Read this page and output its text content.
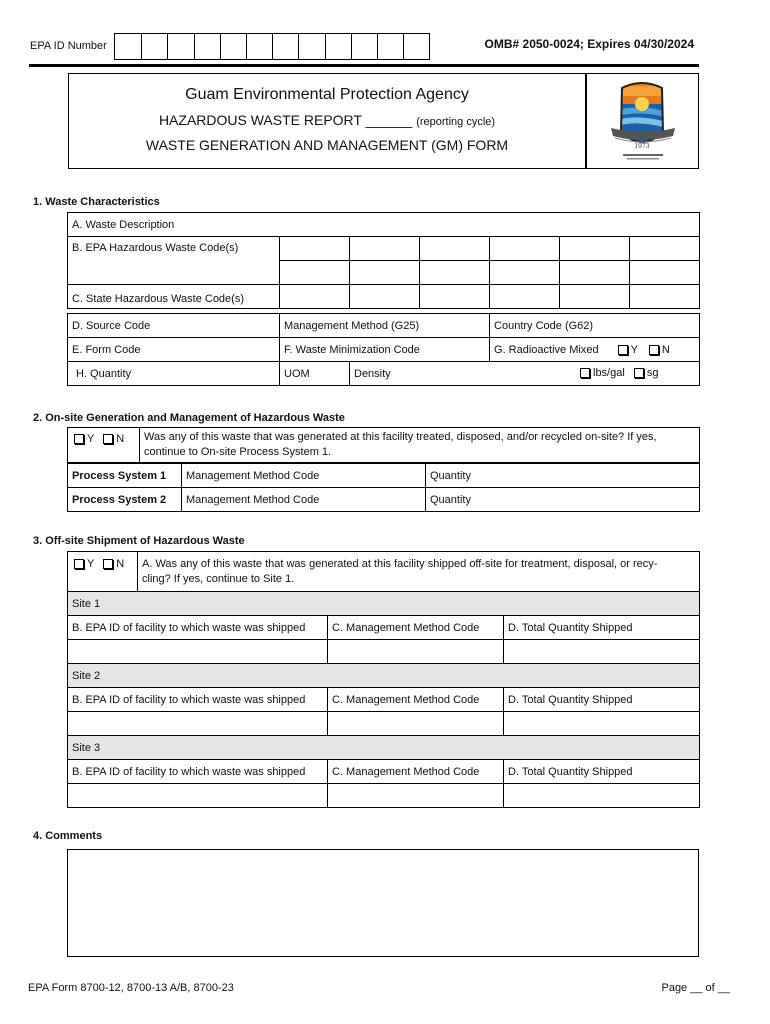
EPA ID Number	OMB# 2050-0024; Expires 04/30/2024
Guam Environmental Protection Agency
HAZARDOUS WASTE REPORT ______ (reporting cycle)
WASTE GENERATION AND MANAGEMENT (GM) FORM	1973
1. Waste Characteristics
A. Waste Description						
B. EPA Hazardous Waste Code(s)						

C. State Hazardous Waste Code(s)						
D. Source Code	Management Method (G25)		Country Code (G62)
E. Form Code	F. Waste Minimization Code		G. Radioactive Mixed Y N
H. Quantity	UOM	Density lbs/gal sg	
2. On-site Generation and Management of Hazardous Waste
Y N	Was any of this waste that was generated at this facility treated, disposed, and/or recycled on-site? If yes,
continue to On-site Process System 1.
Process System 1	Management Method Code	Quantity
Process System 2	Management Method Code	Quantity
3. Off-site Shipment of Hazardous Waste
Y N	A. Was any of this waste that was generated at this facility shipped off-site for treatment, disposal, or recy-
cling? If yes, continue to Site 1.		

Site 1			
B. EPA ID of facility to which waste was shipped		C. Management Method Code	D. Total Quantity Shipped

Site 2			
B. EPA ID of facility to which waste was shipped		C. Management Method Code	D. Total Quantity Shipped

Site 3			
B. EPA ID of facility to which waste was shipped		C. Management Method Code	D. Total Quantity Shipped

4. Comments
EPA Form 8700-12, 8700-13 A/B, 8700-23	Page __ of __
